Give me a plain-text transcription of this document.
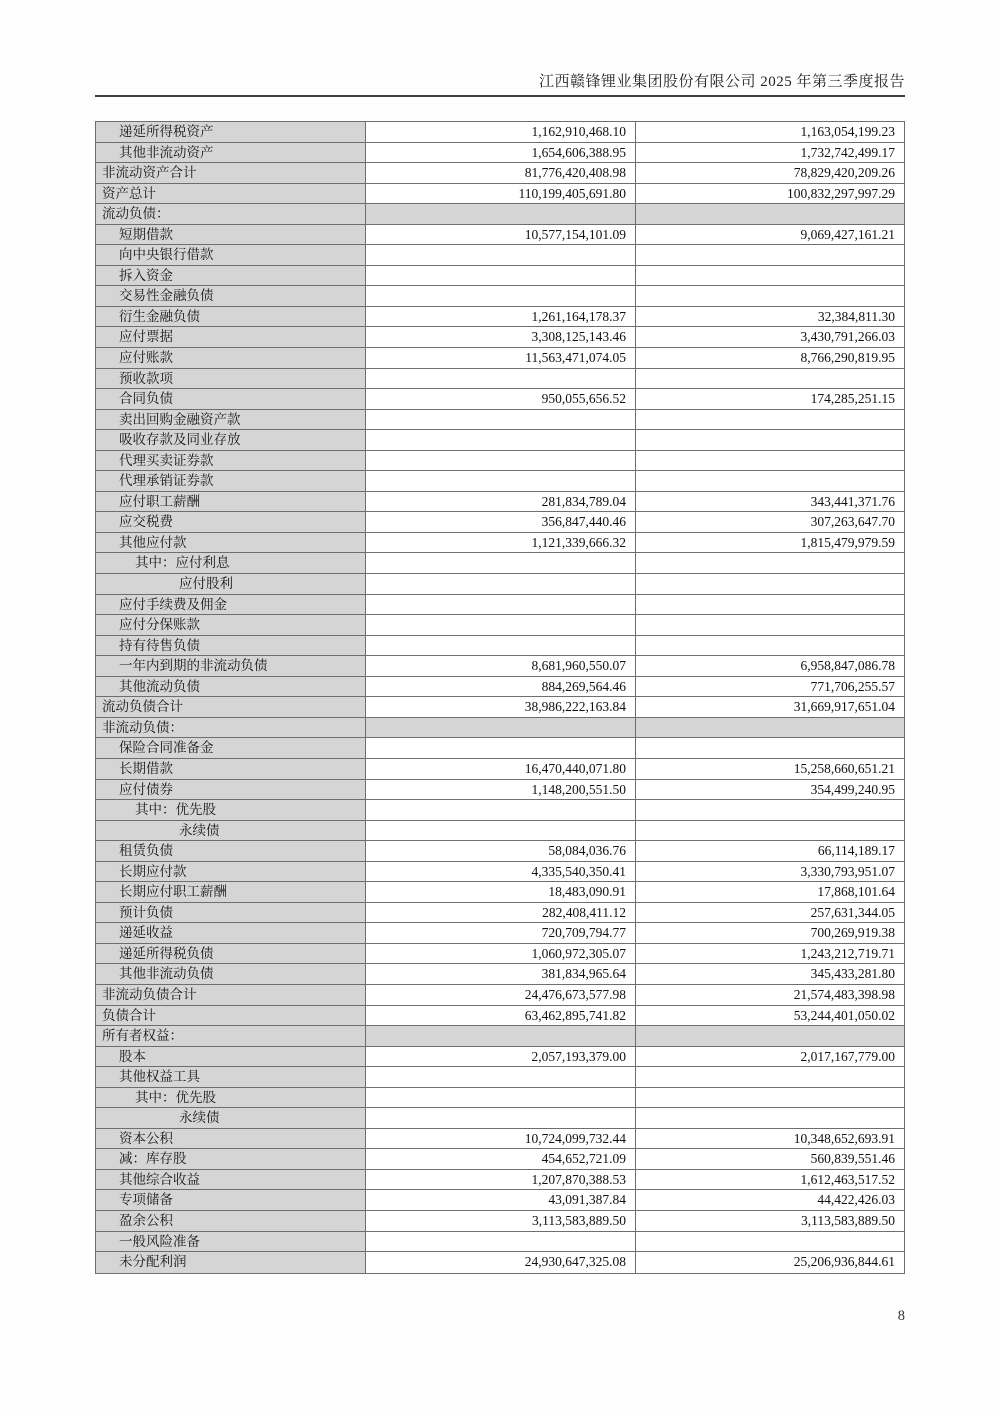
江西赣锋锂业集团股份有限公司 2025 年第三季度报告
递延所得税资产	1,162,910,468.10	1,163,054,199.23
其他非流动资产	1,654,606,388.95	1,732,742,499.17
非流动资产合计	81,776,420,408.98	78,829,420,209.26
资产总计	110,199,405,691.80	100,832,297,997.29
流动负债：
短期借款	10,577,154,101.09	9,069,427,161.21
向中央银行借款
拆入资金
交易性金融负债
衍生金融负债	1,261,164,178.37	32,384,811.30
应付票据	3,308,125,143.46	3,430,791,266.03
应付账款	11,563,471,074.05	8,766,290,819.95
预收款项
合同负债	950,055,656.52	174,285,251.15
卖出回购金融资产款
吸收存款及同业存放
代理买卖证券款
代理承销证券款
应付职工薪酬	281,834,789.04	343,441,371.76
应交税费	356,847,440.46	307,263,647.70
其他应付款	1,121,339,666.32	1,815,479,979.59
其中：应付利息
应付股利
应付手续费及佣金
应付分保账款
持有待售负债
一年内到期的非流动负债	8,681,960,550.07	6,958,847,086.78
其他流动负债	884,269,564.46	771,706,255.57
流动负债合计	38,986,222,163.84	31,669,917,651.04
非流动负债：
保险合同准备金
长期借款	16,470,440,071.80	15,258,660,651.21
应付债券	1,148,200,551.50	354,499,240.95
其中：优先股
永续债
租赁负债	58,084,036.76	66,114,189.17
长期应付款	4,335,540,350.41	3,330,793,951.07
长期应付职工薪酬	18,483,090.91	17,868,101.64
预计负债	282,408,411.12	257,631,344.05
递延收益	720,709,794.77	700,269,919.38
递延所得税负债	1,060,972,305.07	1,243,212,719.71
其他非流动负债	381,834,965.64	345,433,281.80
非流动负债合计	24,476,673,577.98	21,574,483,398.98
负债合计	63,462,895,741.82	53,244,401,050.02
所有者权益：
股本	2,057,193,379.00	2,017,167,779.00
其他权益工具
其中：优先股
永续债
资本公积	10,724,099,732.44	10,348,652,693.91
减：库存股	454,652,721.09	560,839,551.46
其他综合收益	1,207,870,388.53	1,612,463,517.52
专项储备	43,091,387.84	44,422,426.03
盈余公积	3,113,583,889.50	3,113,583,889.50
一般风险准备
未分配利润	24,930,647,325.08	25,206,936,844.61
8
